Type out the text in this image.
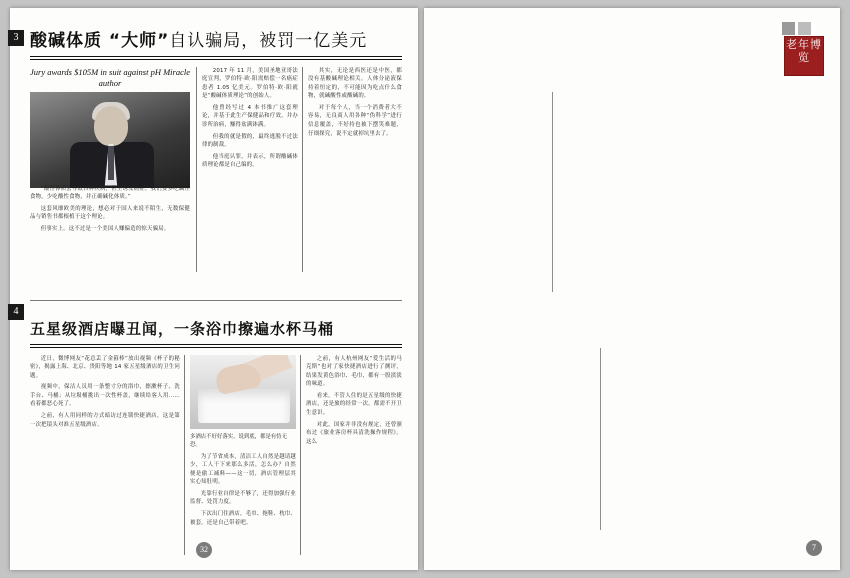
3
4
酸碱体质 “大师”自认骗局，被罚一亿美元
Jury awards $105M in suit against pH Miracle author

“酸性体质会导致各种疾病，甚至诱发癌症。我们要多吃碱性食物，少吃酸性食物，并正确碱化体质。”

这套风靡欧美的理论，想必对于国人来说不陌生，无数保健品与销售书都根植于这个理论。

但事实上，这不过是一个美国人赚偏造的惊天骗局。

2017 年 11 月，美国圣地亚哥法庭宣判，罗伯特·欧·阳需赔偿一名癌症患者 1.05 亿美元。罗伯特·欧·阳就是“酸碱体质理论”的创始人。

他曾经写过 4 本书推广这套理论，并基于此生产保健品和疗效，并办诊所治病，赚得盆满钵满。

但我的就是假的，最终逃脱不过法律的制裁。

他当庭认罪，并表示，所谓酸碱体质理论都是自己编的。

其实，无论是西医还是中医，都没有基酸碱理论相关。人体分泌液保持着恒定的，不可能因为吃点什么食物，就碱酸性或酸碱的。

对于每个人，当一个消费者大不容易，无良商人用各种“伪科学”进行信息覆盖，不好持也被下摆笑难题，仔细探究，说不定就掉坑里去了。

五星级酒店曝丑闻，一条浴巾擦遍水杯马桶

近日，微博网友“花总丢了金箍棒”放出视频《杯子的秘密》，揭露上海、北京、贵阳等地 14 家五星级酒店的卫生问题。

视频中，保洁人员用一条整寸分的浴巾，擦漱杯子、洗手台、马桶；从垃圾桶挑出一次性杯盖，继续给客人用……看着都恶心死了。

之前，有人用同样的方式暗访过连锁快捷酒店，这是第一次把镜头对准五星级酒店。

多酒店不好好落实，说到底，都是有恃无恐。

为了节省成本，清洁工人自然是越请越少，工人干下来那么多活，怎么办？自然便是偷工减料——这一切，酒店管理层其实心知肚明。

光靠行业自律是不够了，还得加强行业监督、处罚力度。

下次出门住酒店，毛巾、拖鞋、枕巾、被套，还是自己带着吧。

之前，有人杭州网友“爱生活的马克斯”也对了家快捷酒店进行了测评，结果发黄色浴巾、毛巾，都有一股淡淡的味道。

看来，不管人住的是五星级的快捷酒店，还是旅的经常一次，都需不开卫生意识。

对此，国家并非没有规定，还曾颁布过《旅业客房杯具清洗操作规程》。这么

32
老年博览

7
